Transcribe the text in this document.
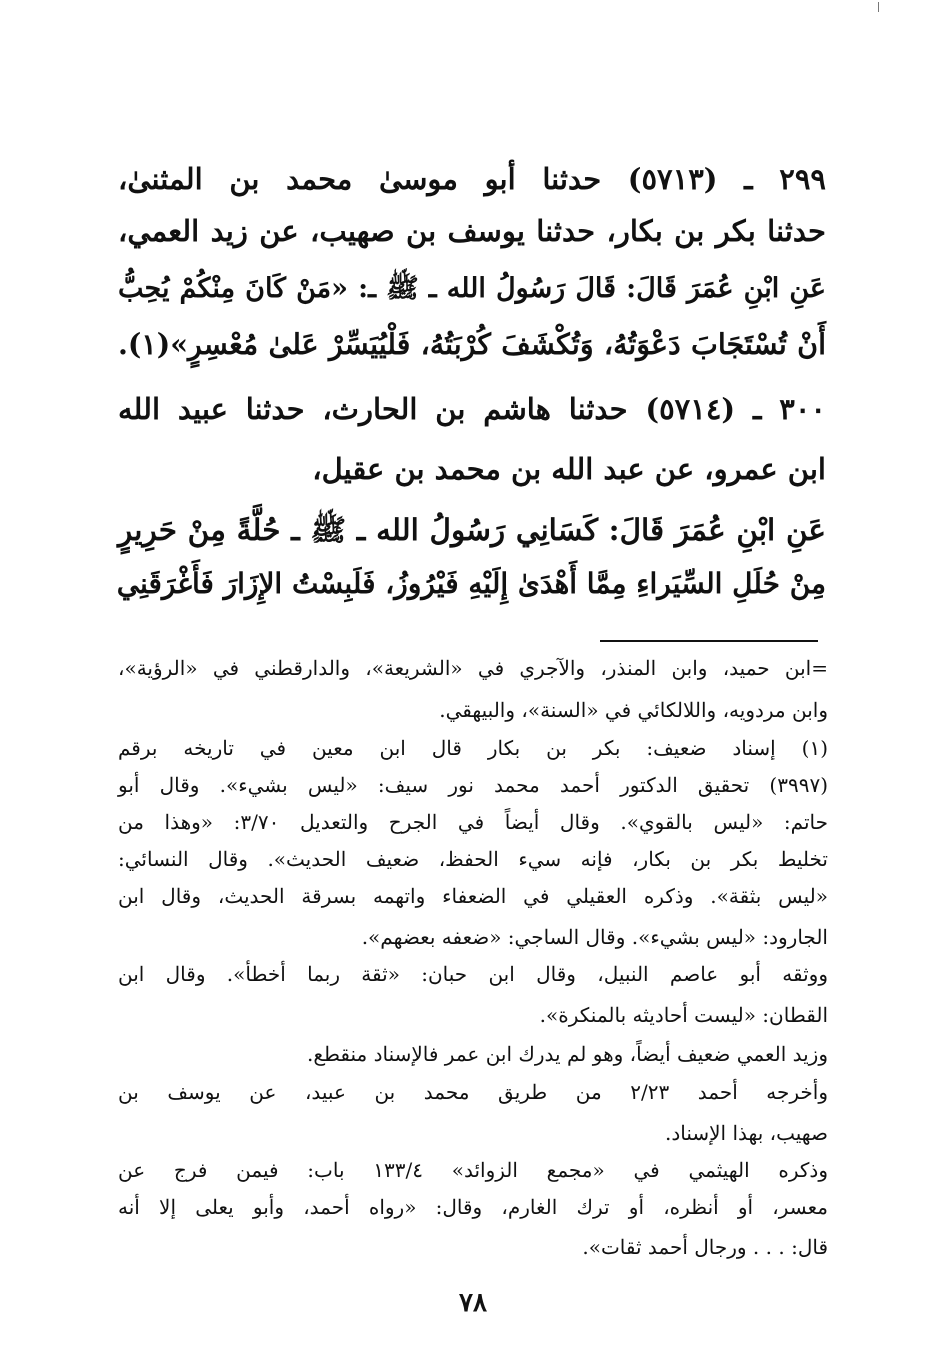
٢٩٩ ـ (٥٧١٣) حدثنا أبو موسىٰ محمد بن المثنىٰ،
حدثنا بكر بن بكار، حدثنا يوسف بن صهيب، عن زيد العمي،
عَنِ ابْنِ عُمَرَ قَالَ: قَالَ رَسُولُ الله ـ ﷺ ـ: «مَنْ كَانَ مِنْكُمْ يُحِبُّ
أَنْ تُسْتَجَابَ دَعْوَتُهُ، وَتُكْشَفَ كُرْبَتُهُ، فَلْيُيَسِّرْ عَلىٰ مُعْسِرٍ»(١).
٣٠٠ ـ (٥٧١٤) حدثنا هاشم بن الحارث، حدثنا عبيد الله
ابن عمرو، عن عبد الله بن محمد بن عقيل،
عَنِ ابْنِ عُمَرَ قَالَ: كَسَانِي رَسُولُ الله ـ ﷺ ـ حُلَّةً مِنْ حَرِيرٍ
مِنْ حُلَلِ السِّيَراءِ مِمَّا أَهْدَىٰ إِلَيْهِ فَيْرُوزُ، فَلَبِسْتُ الإِزَارَ فَأَغْرَقَنِي
=ابن حميد، وابن المنذر، والآجري في «الشريعة»، والدارقطني في «الرؤية»،
وابن مردويه، واللالكائي في «السنة»، والبيهقي.
(١) إسناد ضعيف: بكر بن بكار قال ابن معين في تاريخه برقم
(٣٩٩٧) تحقيق الدكتور أحمد محمد نور سيف: «ليس بشيء». وقال أبو
حاتم: «ليس بالقوي». وقال أيضاً في الجرح والتعديل ٣/٧٠: «وهذا من
تخليط بكر بن بكار، فإنه سيء الحفظ، ضعيف الحديث». وقال النسائي:
«ليس بثقة». وذكره العقيلي في الضعفاء واتهمه بسرقة الحديث، وقال ابن
الجارود: «ليس بشيء». وقال الساجي: «ضعفه بعضهم».
ووثقه أبو عاصم النبيل، وقال ابن حبان: «ثقة ربما أخطأ». وقال ابن
القطان: «ليست أحاديثه بالمنكرة».
وزيد العمي ضعيف أيضاً، وهو لم يدرك ابن عمر فالإسناد منقطع.
وأخرجه أحمد ٢/٢٣ من طريق محمد بن عبيد، عن يوسف بن
صهيب، بهذا الإسناد.
وذكره الهيثمي في «مجمع الزوائد» ١٣٣/٤ باب: فيمن فرج عن
معسر، أو أنظره، أو ترك الغارم، وقال: «رواه أحمد، وأبو يعلى إلا أنه
قال: . . . ورجال أحمد ثقات».
٧٨
